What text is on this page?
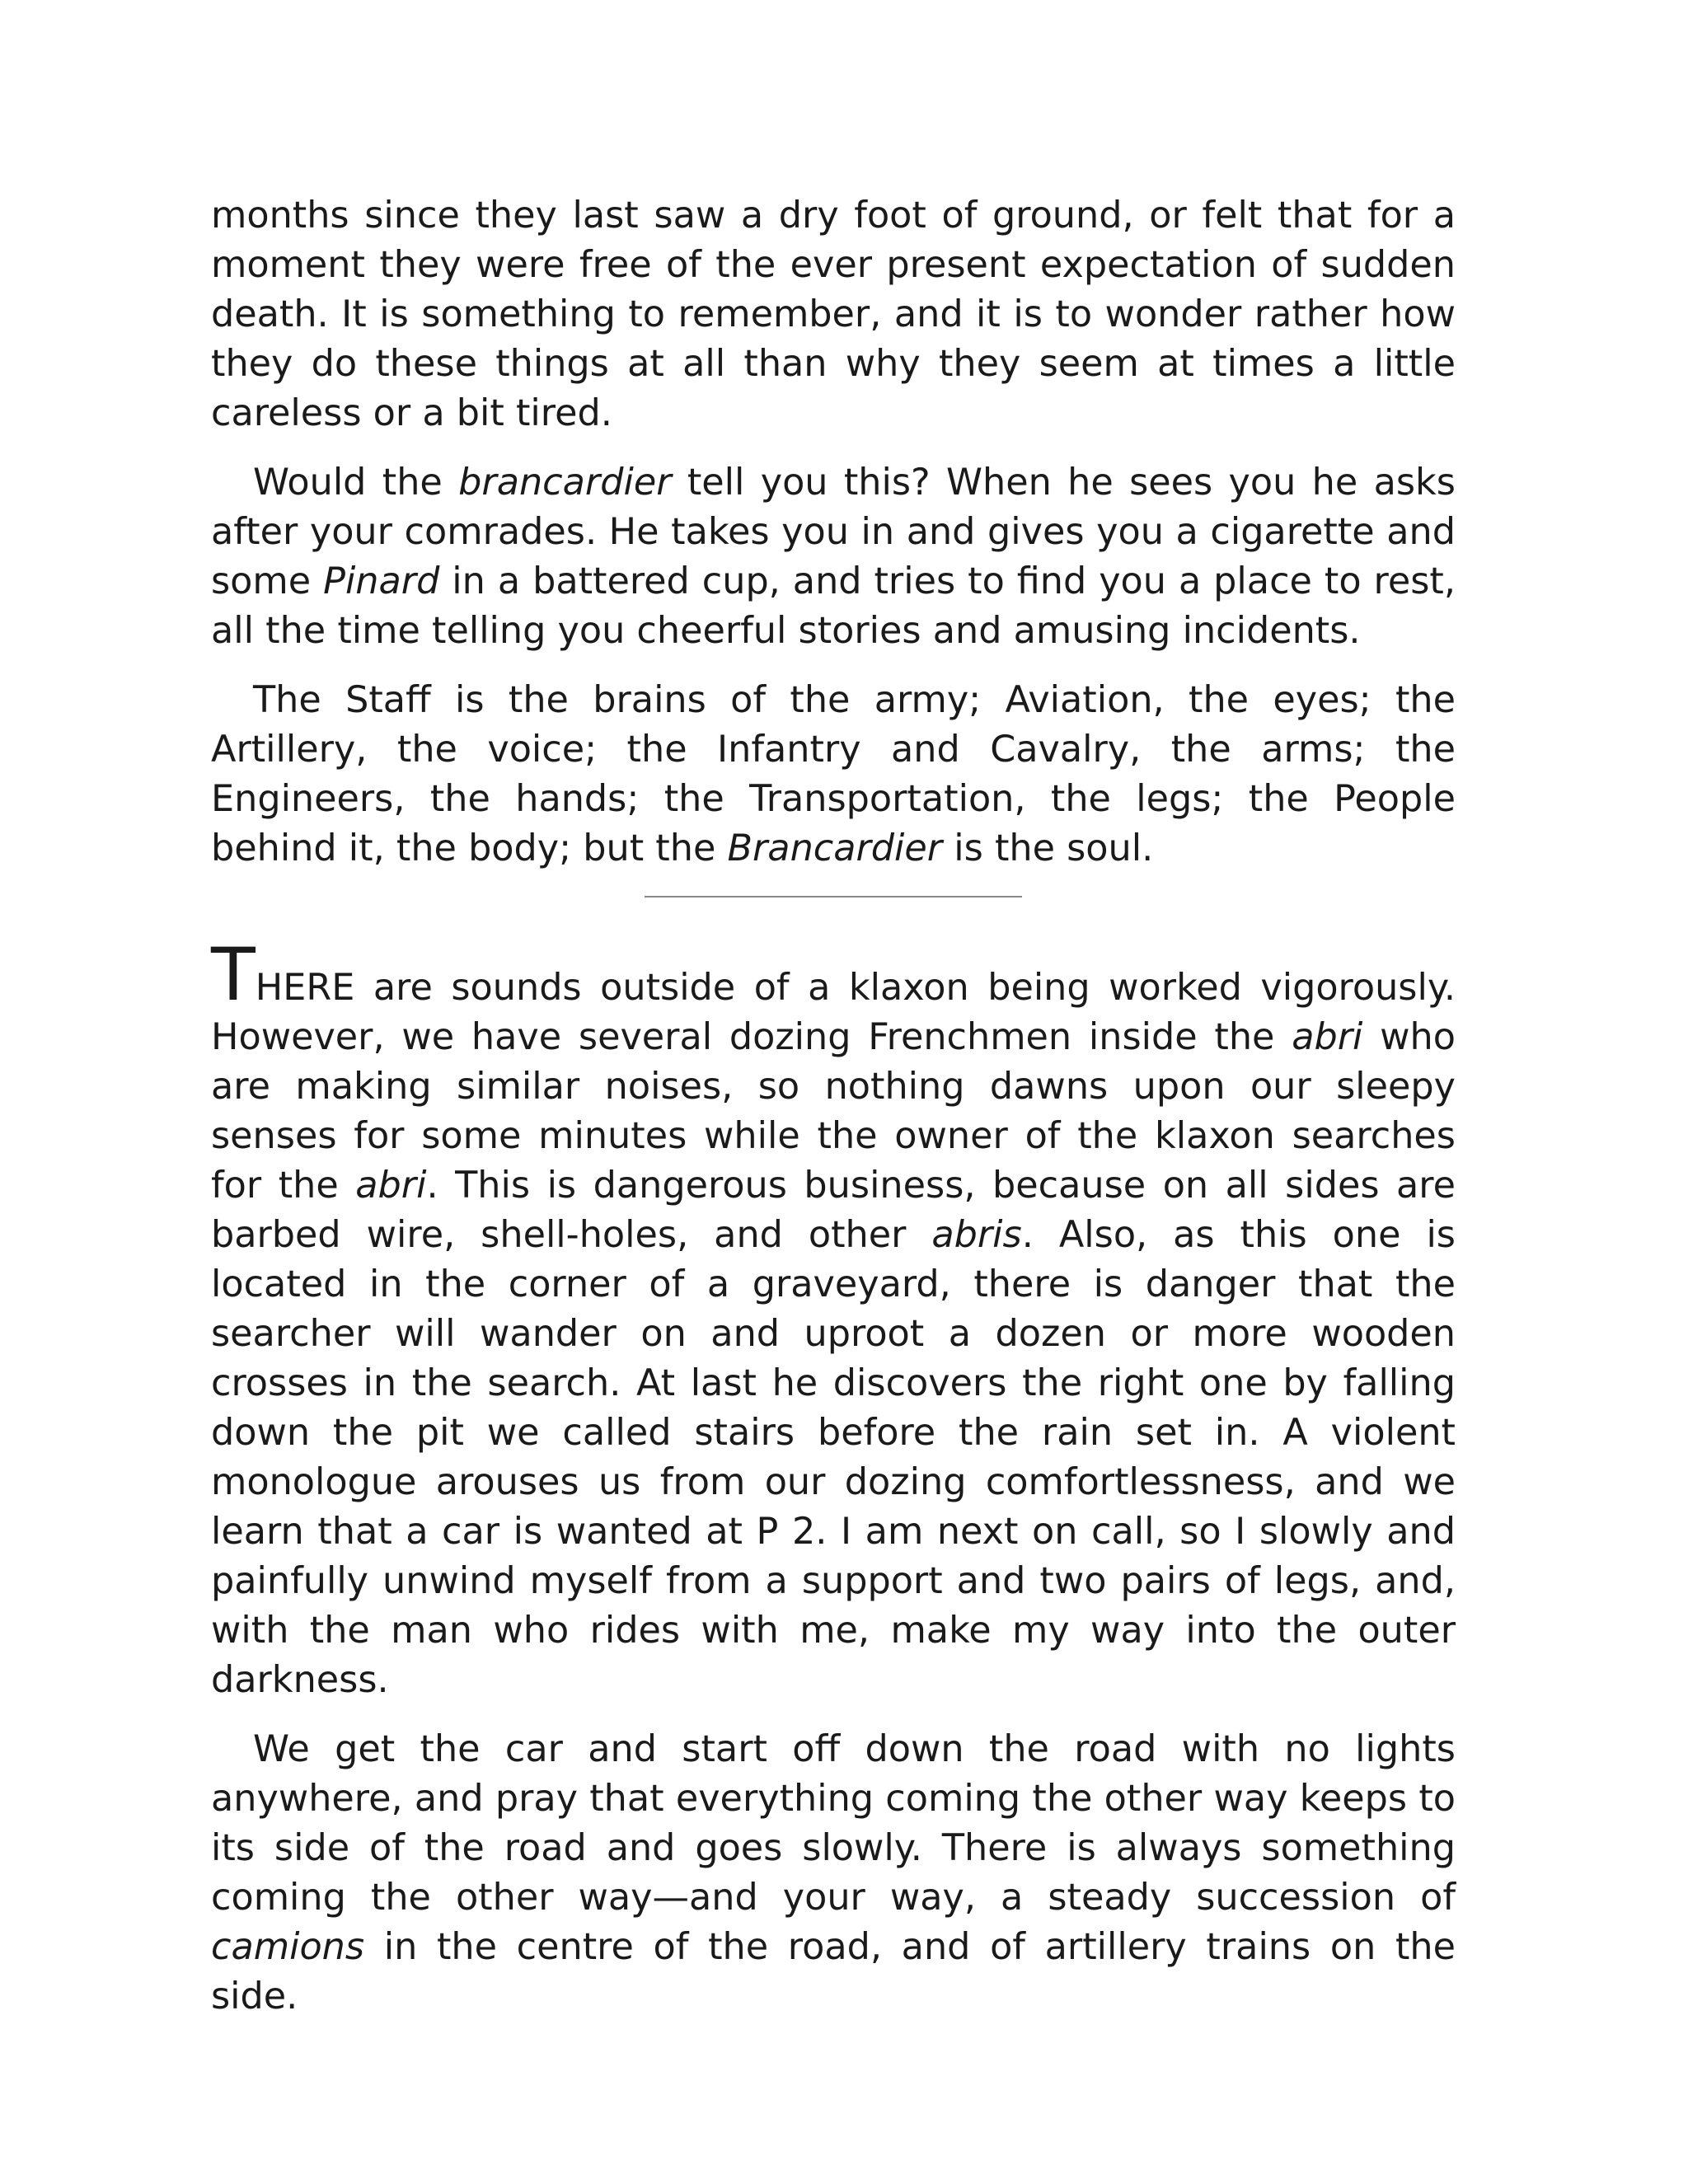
months since they last saw a dry foot of ground, or felt that for a moment they were free of the ever present expectation of sudden death. It is something to remember, and it is to wonder rather how they do these things at all than why they seem at times a little careless or a bit tired.

Would the brancardier tell you this? When he sees you he asks after your comrades. He takes you in and gives you a cigarette and some Pinard in a battered cup, and tries to find you a place to rest, all the time telling you cheerful stories and amusing incidents.

The Staff is the brains of the army; Aviation, the eyes; the Artillery, the voice; the Infantry and Cavalry, the arms; the Engineers, the hands; the Transportation, the legs; the People behind it, the body; but the Brancardier is the soul.

THERE are sounds outside of a klaxon being worked vigorously. However, we have several dozing Frenchmen inside the abri who are making similar noises, so nothing dawns upon our sleepy senses for some minutes while the owner of the klaxon searches for the abri. This is dangerous business, because on all sides are barbed wire, shell-holes, and other abris. Also, as this one is located in the corner of a graveyard, there is danger that the searcher will wander on and uproot a dozen or more wooden crosses in the search. At last he discovers the right one by falling down the pit we called stairs before the rain set in. A violent monologue arouses us from our dozing comfortlessness, and we learn that a car is wanted at P 2. I am next on call, so I slowly and painfully unwind myself from a support and two pairs of legs, and, with the man who rides with me, make my way into the outer darkness.

We get the car and start off down the road with no lights anywhere, and pray that everything coming the other way keeps to its side of the road and goes slowly. There is always something coming the other way—and your way, a steady succession of camions in the centre of the road, and of artillery trains on the side.
